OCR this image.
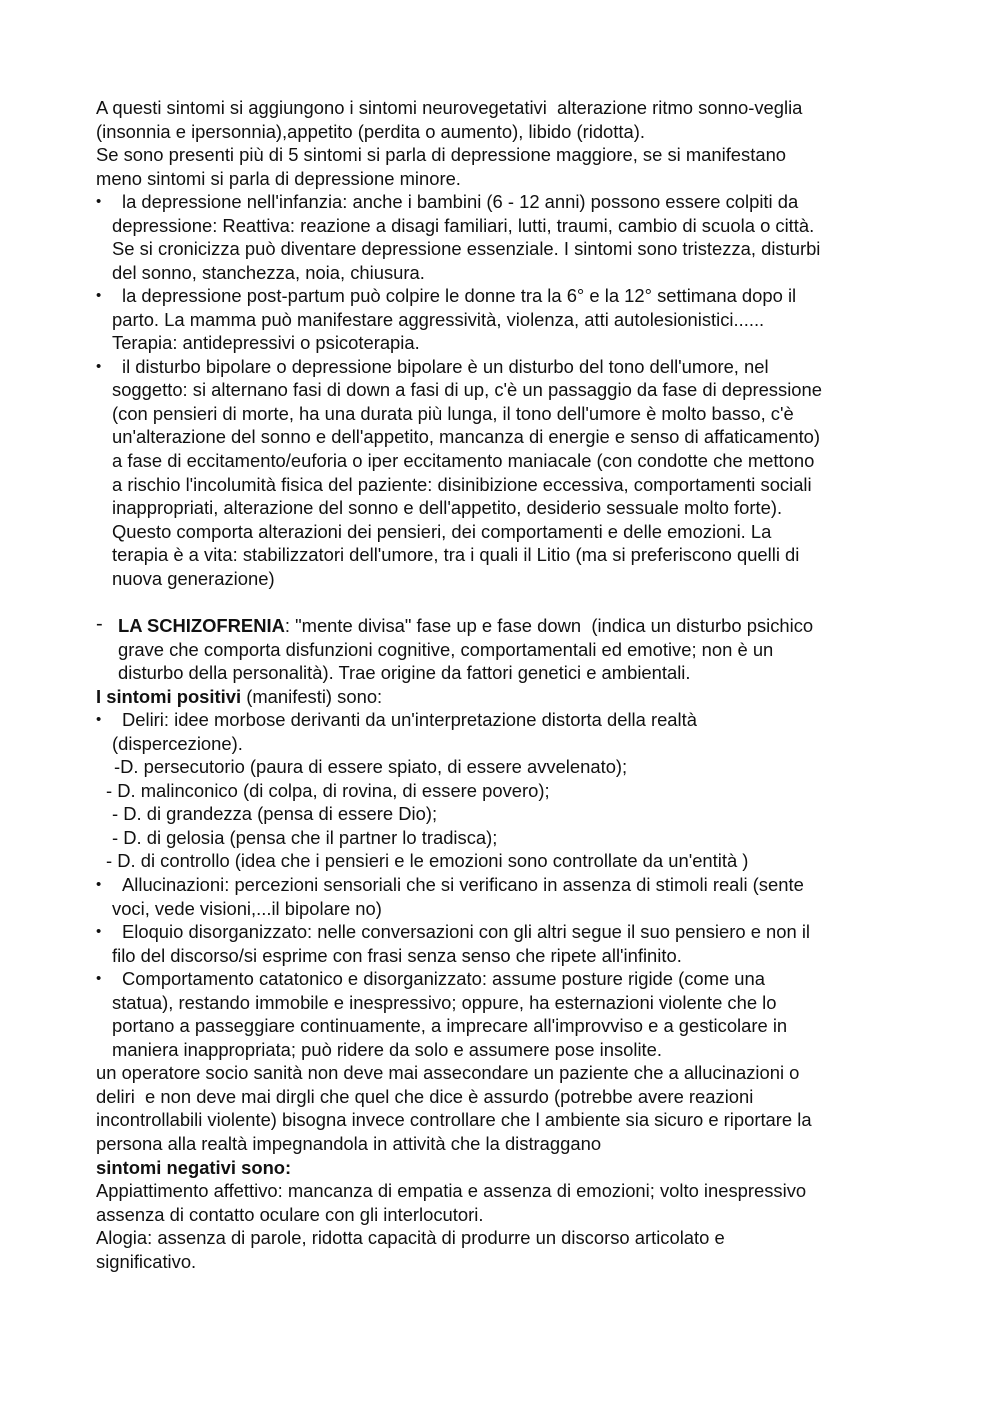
A questi sintomi si aggiungono i sintomi neurovegetativi  alterazione ritmo sonno-veglia
(insonnia e ipersonnia),appetito (perdita o aumento), libido (ridotta).
Se sono presenti più di 5 sintomi si parla di depressione maggiore, se si manifestano
meno sintomi si parla di depressione minore.
• la depressione nell'infanzia: anche i bambini (6 - 12 anni) possono essere colpiti da
depressione: Reattiva: reazione a disagi familiari, lutti, traumi, cambio di scuola o città.
Se si cronicizza può diventare depressione essenziale. I sintomi sono tristezza, disturbi
del sonno, stanchezza, noia, chiusura.
• la depressione post-partum può colpire le donne tra la 6° e la 12° settimana dopo il
parto. La mamma può manifestare aggressività, violenza, atti autolesionistici......
Terapia: antidepressivi o psicoterapia.
• il disturbo bipolare o depressione bipolare è un disturbo del tono dell'umore, nel
soggetto: si alternano fasi di down a fasi di up, c'è un passaggio da fase di depressione
(con pensieri di morte, ha una durata più lunga, il tono dell'umore è molto basso, c'è
un'alterazione del sonno e dell'appetito, mancanza di energie e senso di affaticamento)
a fase di eccitamento/euforia o iper eccitamento maniacale (con condotte che mettono
a rischio l'incolumità fisica del paziente: disinibizione eccessiva, comportamenti sociali
inappropriati, alterazione del sonno e dell'appetito, desiderio sessuale molto forte).
Questo comporta alterazioni dei pensieri, dei comportamenti e delle emozioni. La
terapia è a vita: stabilizzatori dell'umore, tra i quali il Litio (ma si preferiscono quelli di
nuova generazione)
- LA SCHIZOFRENIA: "mente divisa" fase up e fase down  (indica un disturbo psichico
grave che comporta disfunzioni cognitive, comportamentali ed emotive; non è un
disturbo della personalità). Trae origine da fattori genetici e ambientali.
I sintomi positivi (manifesti) sono:
• Deliri: idee morbose derivanti da un'interpretazione distorta della realtà
(dispercezione).
-D. persecutorio (paura di essere spiato, di essere avvelenato);
- D. malinconico (di colpa, di rovina, di essere povero);
- D. di grandezza (pensa di essere Dio);
- D. di gelosia (pensa che il partner lo tradisca);
- D. di controllo (idea che i pensieri e le emozioni sono controllate da un'entità )
• Allucinazioni: percezioni sensoriali che si verificano in assenza di stimoli reali (sente
voci, vede visioni,...il bipolare no)
• Eloquio disorganizzato: nelle conversazioni con gli altri segue il suo pensiero e non il
filo del discorso/si esprime con frasi senza senso che ripete all'infinito.
• Comportamento catatonico e disorganizzato: assume posture rigide (come una
statua), restando immobile e inespressivo; oppure, ha esternazioni violente che lo
portano a passeggiare continuamente, a imprecare all'improvviso e a gesticolare in
maniera inappropriata; può ridere da solo e assumere pose insolite.
un operatore socio sanità non deve mai assecondare un paziente che a allucinazioni o
deliri  e non deve mai dirgli che quel che dice è assurdo (potrebbe avere reazioni
incontrollabili violente) bisogna invece controllare che l ambiente sia sicuro e riportare la
persona alla realtà impegnandola in attività che la distraggano
sintomi negativi sono:
Appiattimento affettivo: mancanza di empatia e assenza di emozioni; volto inespressivo
assenza di contatto oculare con gli interlocutori.
Alogia: assenza di parole, ridotta capacità di produrre un discorso articolato e
significativo.
